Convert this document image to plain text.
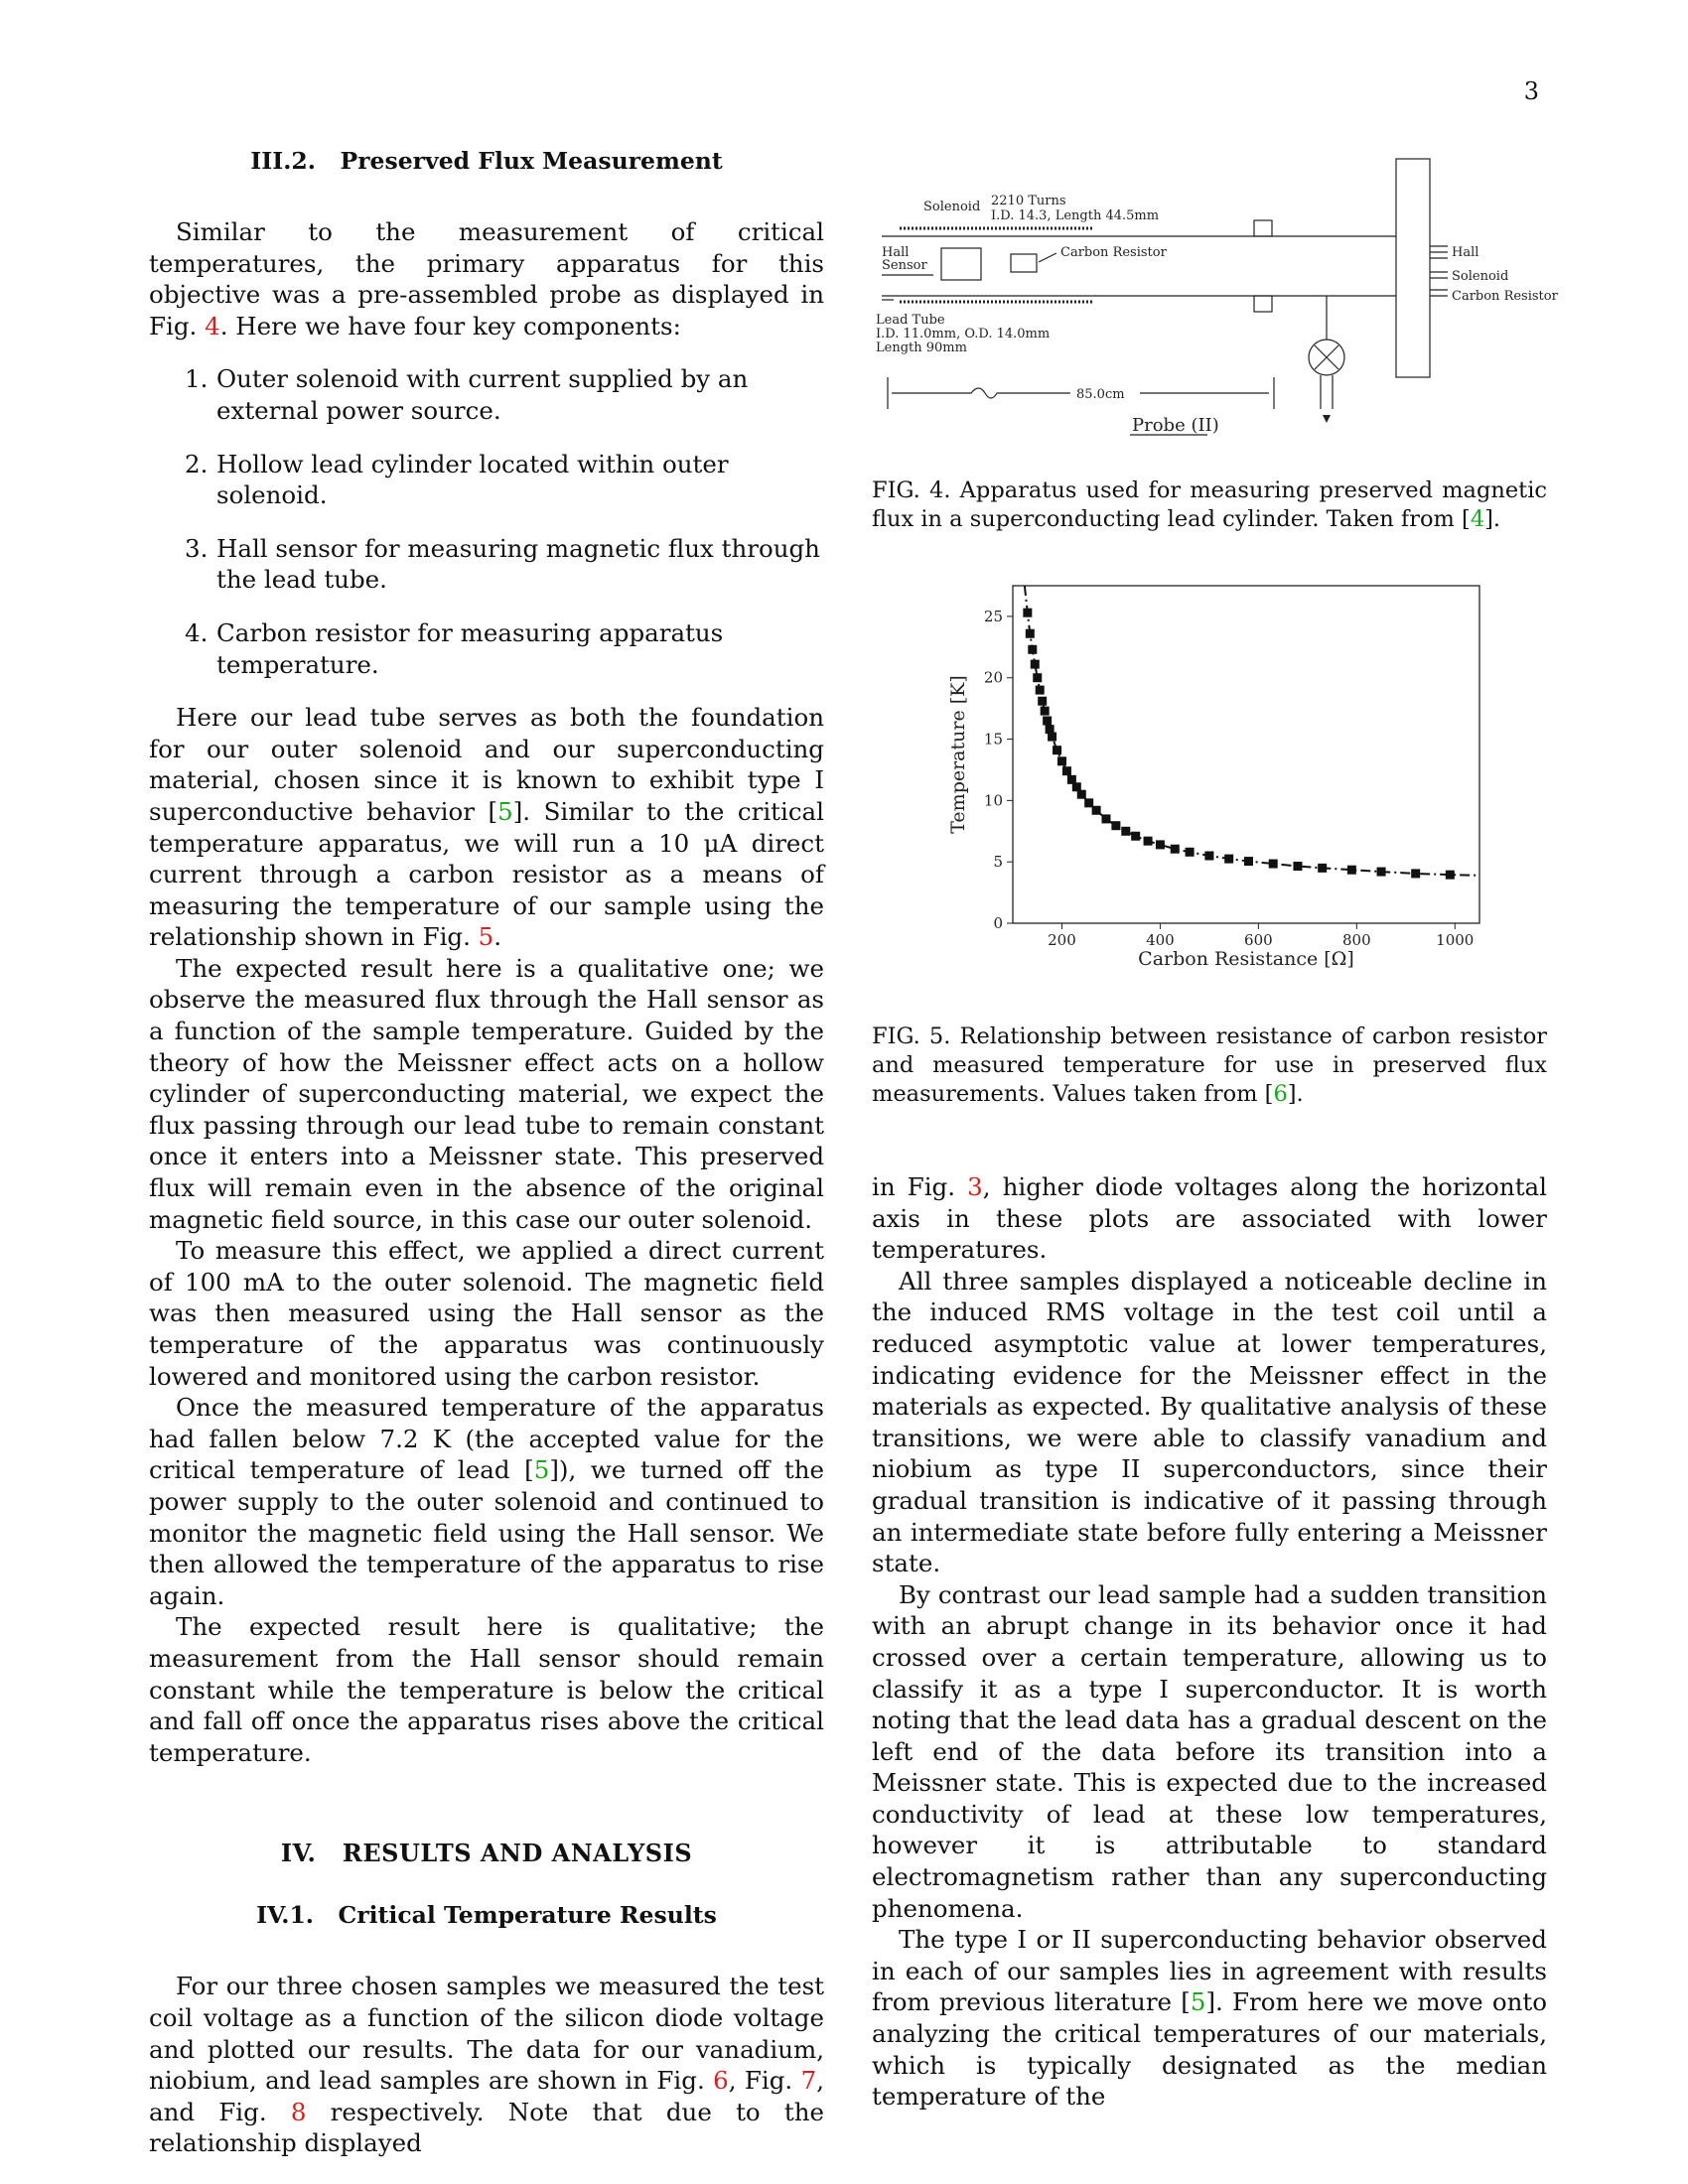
3
III.2.   Preserved Flux Measurement

Similar to the measurement of critical temperatures, the primary apparatus for this objective was a pre-assembled probe as displayed in Fig. 4. Here we have four key components:

1. Outer solenoid with current supplied by an external power source.
2. Hollow lead cylinder located within outer solenoid.
3. Hall sensor for measuring magnetic flux through the lead tube.
4. Carbon resistor for measuring apparatus temperature.

Here our lead tube serves as both the foundation for our outer solenoid and our superconducting material, chosen since it is known to exhibit type I superconductive behavior [5]. Similar to the critical temperature apparatus, we will run a 10 μA direct current through a carbon resistor as a means of measuring the temperature of our sample using the relationship shown in Fig. 5.

The expected result here is a qualitative one; we observe the measured flux through the Hall sensor as a function of the sample temperature. Guided by the theory of how the Meissner effect acts on a hollow cylinder of superconducting material, we expect the flux passing through our lead tube to remain constant once it enters into a Meissner state. This preserved flux will remain even in the absence of the original magnetic field source, in this case our outer solenoid.

To measure this effect, we applied a direct current of 100 mA to the outer solenoid. The magnetic field was then measured using the Hall sensor as the temperature of the apparatus was continuously lowered and monitored using the carbon resistor.

Once the measured temperature of the apparatus had fallen below 7.2 K (the accepted value for the critical temperature of lead [5]), we turned off the power supply to the outer solenoid and continued to monitor the magnetic field using the Hall sensor. We then allowed the temperature of the apparatus to rise again.

The expected result here is qualitative; the measurement from the Hall sensor should remain constant while the temperature is below the critical and fall off once the apparatus rises above the critical temperature.

IV.   RESULTS AND ANALYSIS
IV.1.   Critical Temperature Results

For our three chosen samples we measured the test coil voltage as a function of the silicon diode voltage and plotted our results. The data for our vanadium, niobium, and lead samples are shown in Fig. 6, Fig. 7, and Fig. 8 respectively. Note that due to the relationship displayed

Solenoid 2210 Turns
I.D. 14.3, Length 44.5mm
Hall
Sensor
Carbon Resistor
Lead Tube
I.D. 11.0mm, O.D. 14.0mm
Length 90mm
85.0cm
Probe (II)
Hall
Solenoid
Carbon Resistor
FIG. 4. Apparatus used for measuring preserved magnetic flux in a superconducting lead cylinder. Taken from [4].
200	400	600	800	1000
0
5
10
15
20
25
Carbon Resistance [Ω]
Temperature [K]
FIG. 5. Relationship between resistance of carbon resistor and measured temperature for use in preserved flux measurements. Values taken from [6].

in Fig. 3, higher diode voltages along the horizontal axis in these plots are associated with lower temperatures.

All three samples displayed a noticeable decline in the induced RMS voltage in the test coil until a reduced asymptotic value at lower temperatures, indicating evidence for the Meissner effect in the materials as expected. By qualitative analysis of these transitions, we were able to classify vanadium and niobium as type II superconductors, since their gradual transition is indicative of it passing through an intermediate state before fully entering a Meissner state.

By contrast our lead sample had a sudden transition with an abrupt change in its behavior once it had crossed over a certain temperature, allowing us to classify it as a type I superconductor. It is worth noting that the lead data has a gradual descent on the left end of the data before its transition into a Meissner state. This is expected due to the increased conductivity of lead at these low temperatures, however it is attributable to standard electromagnetism rather than any superconducting phenomena.

The type I or II superconducting behavior observed in each of our samples lies in agreement with results from previous literature [5]. From here we move onto analyzing the critical temperatures of our materials, which is typically designated as the median temperature of the
